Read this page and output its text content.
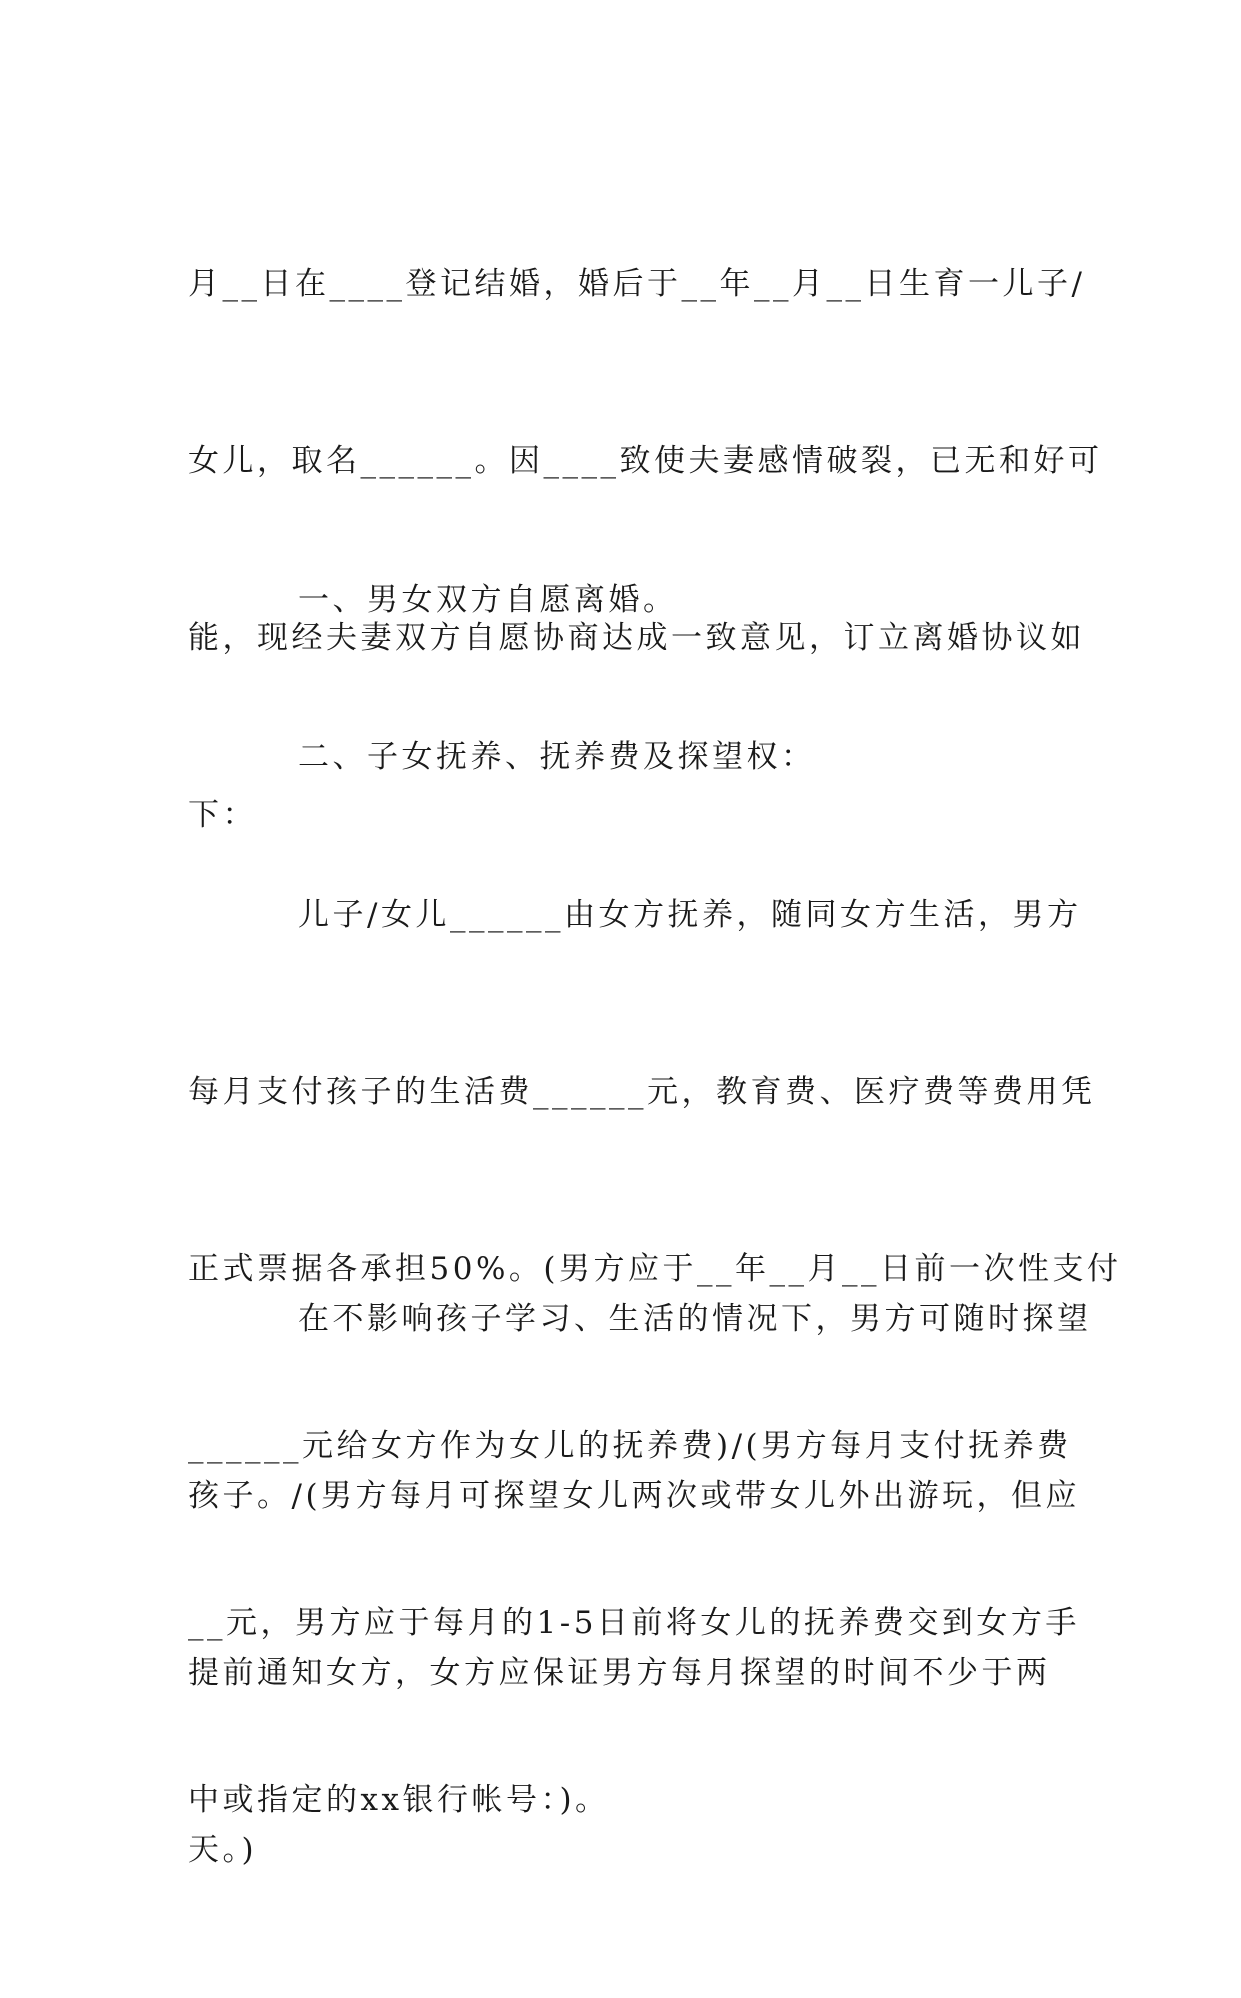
月__日在____登记结婚，婚后于__年__月__日生育一儿子/

女儿，取名______。因____致使夫妻感情破裂，已无和好可

能，现经夫妻双方自愿协商达成一致意见，订立离婚协议如

下：

一、男女双方自愿离婚。

二、子女抚养、抚养费及探望权：

儿子/女儿______由女方抚养，随同女方生活，男方

每月支付孩子的生活费______元，教育费、医疗费等费用凭

正式票据各承担50%。(男方应于__年__月__日前一次性支付

______元给女方作为女儿的抚养费)/(男方每月支付抚养费

__元，男方应于每月的1-5日前将女儿的抚养费交到女方手

中或指定的xx银行帐号：)。

在不影响孩子学习、生活的情况下，男方可随时探望

孩子。/(男方每月可探望女儿两次或带女儿外出游玩，但应

提前通知女方，女方应保证男方每月探望的时间不少于两

天。)
